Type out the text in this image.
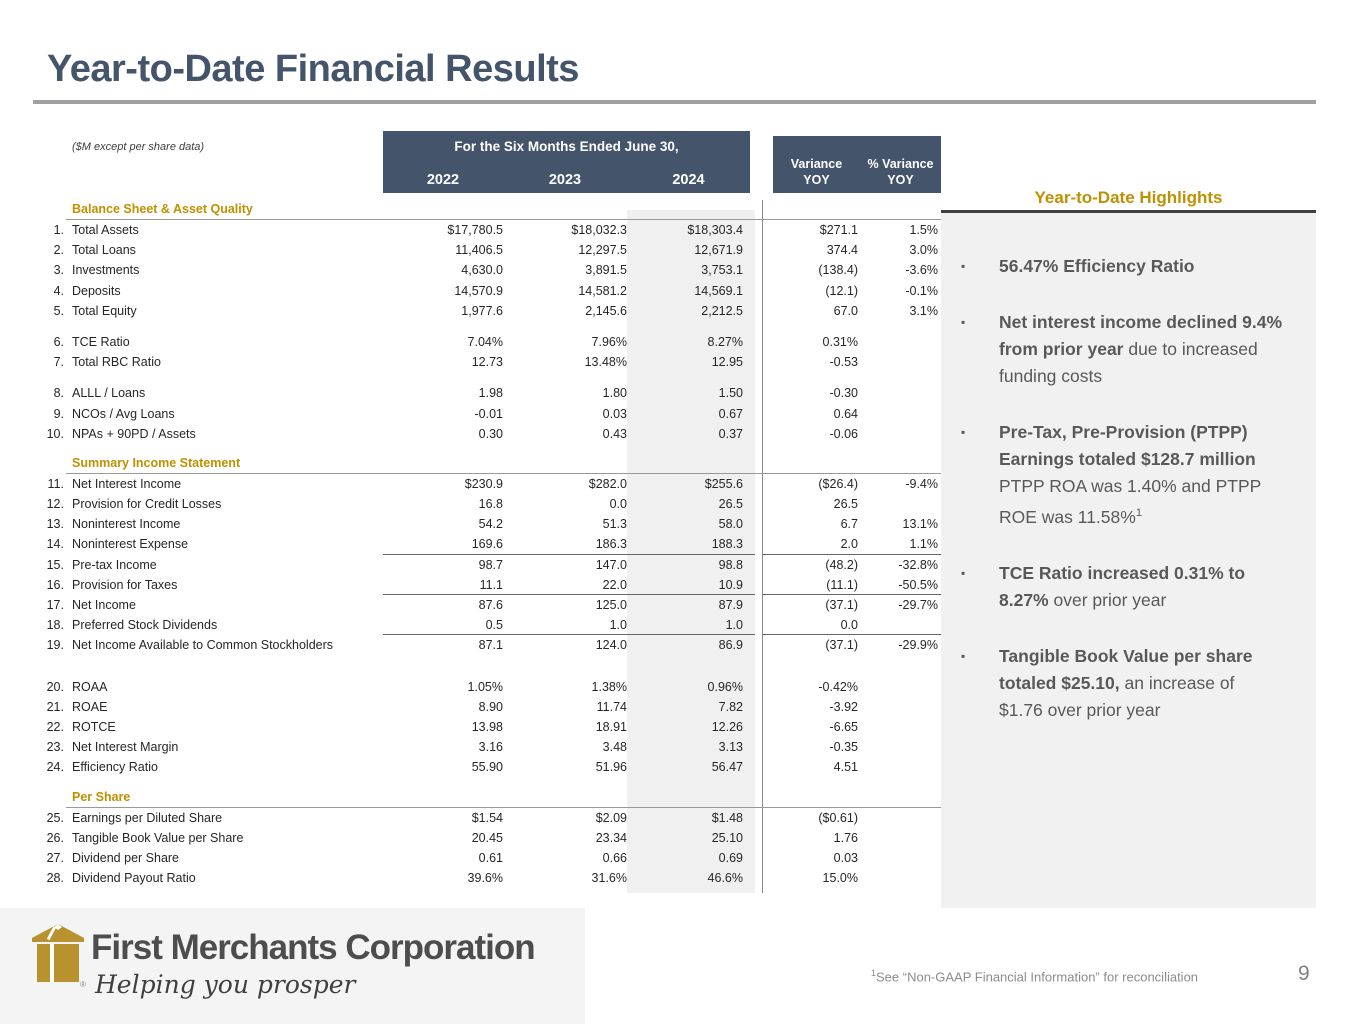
Year-to-Date Financial Results
($M except per share data)	For the Six Months Ended June 30,
2022	2023	2024
Variance	% Variance
YOY	YOY
Balance Sheet & Asset Quality
1. Total Assets	$17,780.5	$18,032.3	$18,303.4	$271.1	1.5%
2. Total Loans	11,406.5	12,297.5	12,671.9	374.4	3.0%
3. Investments	4,630.0	3,891.5	3,753.1	(138.4)	-3.6%
4. Deposits	14,570.9	14,581.2	14,569.1	(12.1)	-0.1%
5. Total Equity	1,977.6	2,145.6	2,212.5	67.0	3.1%
6. TCE Ratio	7.04%	7.96%	8.27%	0.31%
7. Total RBC Ratio	12.73	13.48%	12.95	-0.53
8. ALLL / Loans	1.98	1.80	1.50	-0.30
9. NCOs / Avg Loans	-0.01	0.03	0.67	0.64
10. NPAs + 90PD / Assets	0.30	0.43	0.37	-0.06
Summary Income Statement
11. Net Interest Income	$230.9	$282.0	$255.6	($26.4)	-9.4%
12. Provision for Credit Losses	16.8	0.0	26.5	26.5
13. Noninterest Income	54.2	51.3	58.0	6.7	13.1%
14. Noninterest Expense	169.6	186.3	188.3	2.0	1.1%
15. Pre-tax Income	98.7	147.0	98.8	(48.2)	-32.8%
16. Provision for Taxes	11.1	22.0	10.9	(11.1)	-50.5%
17. Net Income	87.6	125.0	87.9	(37.1)	-29.7%
18. Preferred Stock Dividends	0.5	1.0	1.0	0.0
19. Net Income Available to Common Stockholders	87.1	124.0	86.9	(37.1)	-29.9%
20. ROAA	1.05%	1.38%	0.96%	-0.42%
21. ROAE	8.90	11.74	7.82	-3.92
22. ROTCE	13.98	18.91	12.26	-6.65
23. Net Interest Margin	3.16	3.48	3.13	-0.35
24. Efficiency Ratio	55.90	51.96	56.47	4.51
Per Share
25. Earnings per Diluted Share	$1.54	$2.09	$1.48	($0.61)
26. Tangible Book Value per Share	20.45	23.34	25.10	1.76
27. Dividend per Share	0.61	0.66	0.69	0.03
28. Dividend Payout Ratio	39.6%	31.6%	46.6%	15.0%
Year-to-Date Highlights
▪	56.47% Efficiency Ratio
▪	Net interest income declined 9.4% from prior year due to increased funding costs
▪	Pre-Tax, Pre-Provision (PTPP) Earnings totaled $128.7 million PTPP ROA was 1.40% and PTPP ROE was 11.58%$^1$
▪	TCE Ratio increased 0.31% to 8.27% over prior year
▪	Tangible Book Value per share totaled $25.10, an increase of $1.76 over prior year
®
First Merchants Corporation
Helping you prosper	$^1$See “Non-GAAP Financial Information” for reconciliation	9
